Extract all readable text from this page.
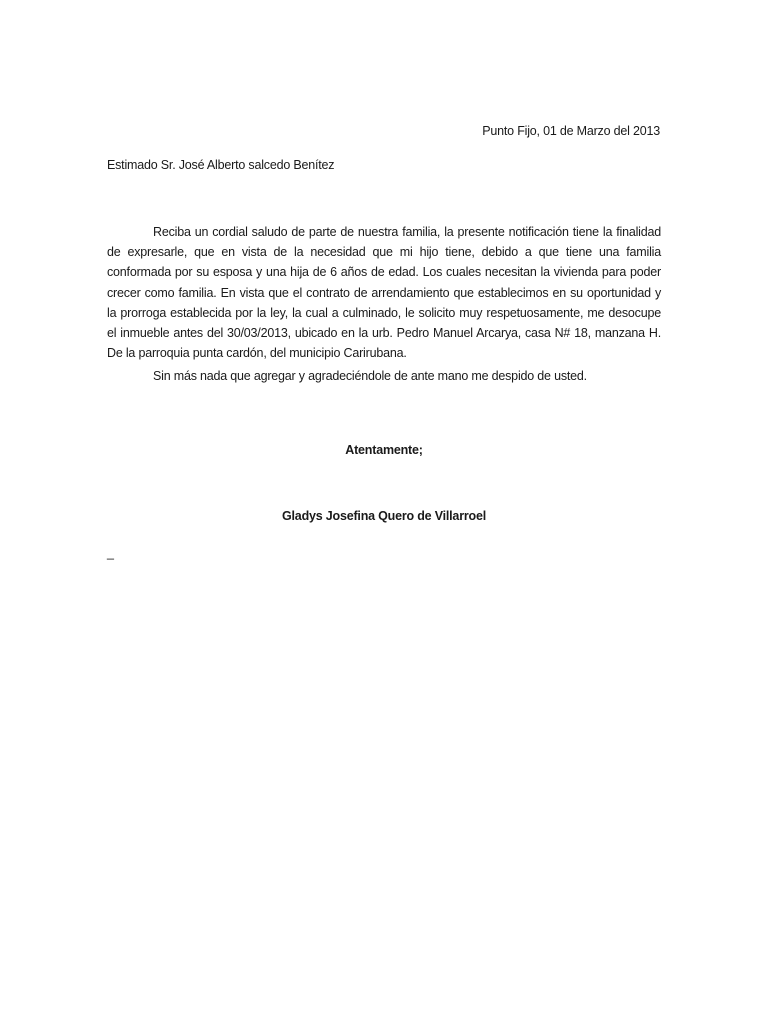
Punto Fijo, 01 de Marzo del 2013
Estimado Sr. José Alberto salcedo Benítez

Reciba un cordial saludo de parte de nuestra familia, la presente notificación tiene la finalidad de expresarle, que en vista de la necesidad que mi hijo tiene, debido a que tiene una familia conformada por su esposa y una hija de 6 años de edad. Los cuales necesitan la vivienda para poder crecer como familia. En vista que el contrato de arrendamiento que establecimos en su oportunidad y la prorroga establecida por la ley, la cual a culminado, le solicito muy respetuosamente, me desocupe el inmueble antes del 30/03/2013, ubicado en la urb. Pedro Manuel Arcarya, casa N# 18, manzana H. De la parroquia punta cardón, del municipio Carirubana.

Sin más nada que agregar y agradeciéndole de ante mano me despido de usted.

Atentamente;
Gladys Josefina Quero de Villarroel
_
